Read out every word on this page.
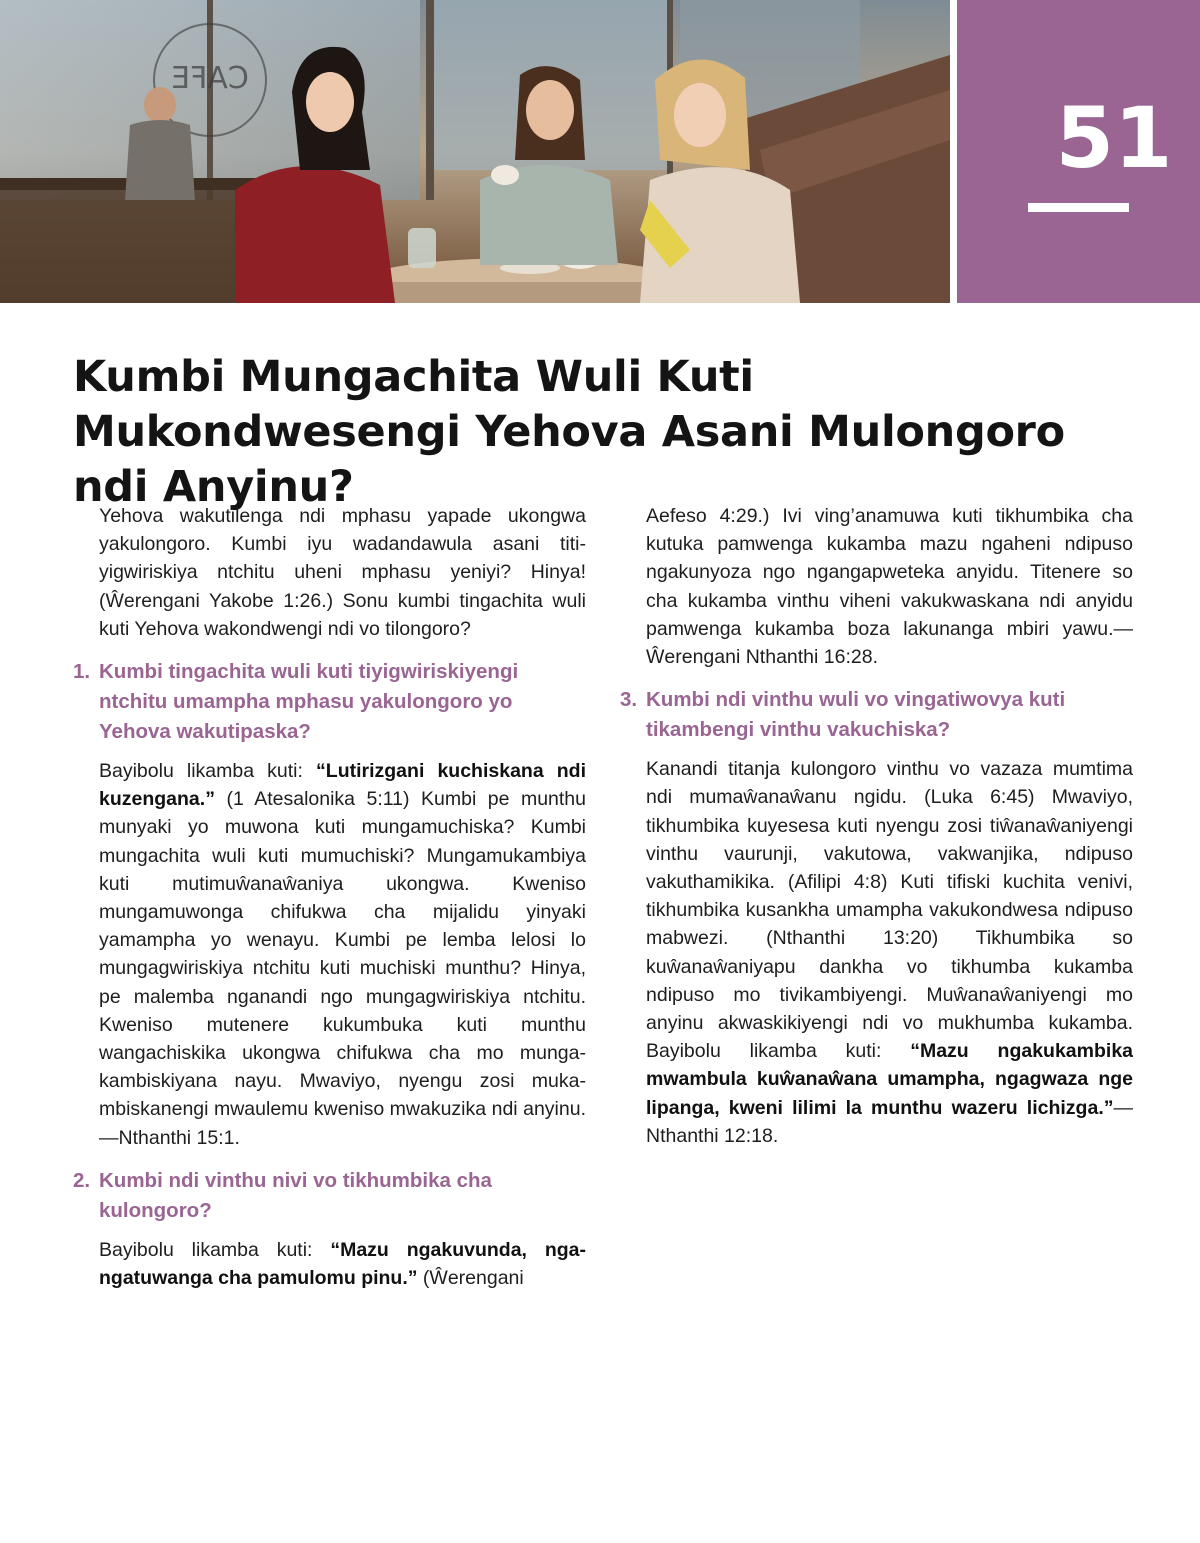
CAFE
51
Kumbi Mungachita Wuli Kuti Mukondwesengi Yehova Asani Mulongoro ndi Anyinu?

Yehova wakutilenga ndi mphasu yapade ukongwa yakulongoro. Kumbi iyu wadandawula asani titiyigwiriskiya ntchitu uheni mphasu yeniyi? Hinya! (Ŵerengani Yakobe 1:26.) Sonu kumbi tingachita wuli kuti Yehova wakondwengi ndi vo tilongoro?

1. Kumbi tingachita wuli kuti tiyigwiriskiyengi ntchitu umampha mphasu yakulongoro yo Yehova wakutipaska?

Bayibolu likamba kuti: “Lutirizgani kuchiskana ndi kuzengana.” (1 Atesalonika 5:11) Kumbi pe munthu munyaki yo muwona kuti mungamuchiska? Kumbi mungachita wuli kuti mumuchiski? Mungamukambiya kuti mutimuŵanaŵaniya ukongwa. Kweniso mungamuwonga chifukwa cha mijalidu yinyaki yamampha yo wenayu. Kumbi pe lemba lelosi lo mungagwiriskiya ntchitu kuti muchiski munthu? Hinya, pe malemba nganandi ngo mungagwiriskiya ntchitu. Kweniso mutenere kukumbuka kuti munthu wangachiskika ukongwa chifukwa cha mo mungakambiskiyana nayu. Mwaviyo, nyengu zosi mukambiskanengi mwaulemu kweniso mwakuzika ndi anyinu.—Nthanthi 15:1.

2. Kumbi ndi vinthu nivi vo tikhumbika cha kulongoro?

Bayibolu likamba kuti: “Mazu ngakuvunda, ngangatuwanga cha pamulomu pinu.” (Ŵerengani

Aefeso 4:29.) Ivi ving’anamuwa kuti tikhumbika cha kutuka pamwenga kukamba mazu ngaheni ndipuso ngakunyoza ngo ngangapweteka anyidu. Titenere so cha kukamba vinthu viheni vakukwaskana ndi anyidu pamwenga kukamba boza lakunanga mbiri yawu.—Ŵerengani Nthanthi 16:28.

3. Kumbi ndi vinthu wuli vo vingatiwovya kuti tikambengi vinthu vakuchiska?

Kanandi titanja kulongoro vinthu vo vazaza mumtima ndi mumaŵanaŵanu ngidu. (Luka 6:45) Mwaviyo, tikhumbika kuyesesa kuti nyengu zosi tiŵanaŵaniyengi vinthu vaurunji, vakutowa, vakwanjika, ndipuso vakuthamikika. (Afilipi 4:8) Kuti tifiski kuchita venivi, tikhumbika kusankha umampha vakukondwesa ndipuso mabwezi. (Nthanthi 13:20) Tikhumbika so kuŵanaŵaniyapu dankha vo tikhumba kukamba ndipuso mo tivikambiyengi. Muŵanaŵaniyengi mo anyinu akwaskikiyengi ndi vo mukhumba kukamba. Bayibolu likamba kuti: “Mazu ngakukambika mwambula kuŵanaŵana umampha, ngagwaza nge lipanga, kweni lilimi la munthu wazeru lichizga.”—Nthanthi 12:18.
